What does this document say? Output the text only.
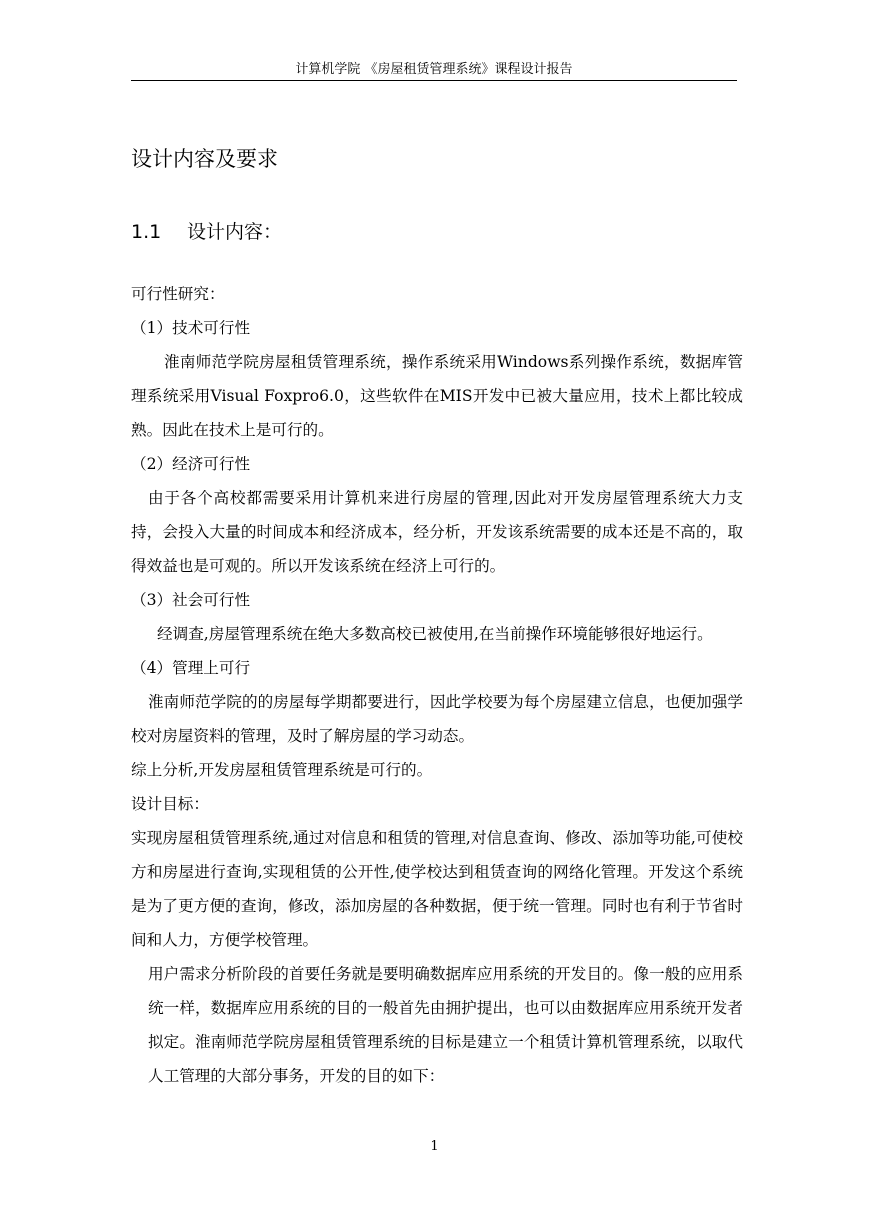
计算机学院 《房屋租赁管理系统》课程设计报告
设计内容及要求
1.1 设计内容：

可行性研究：

（1）技术可行性

淮南师范学院房屋租赁管理系统，操作系统采用Windows系列操作系统，数据库管理系统采用Visual Foxpro6.0，这些软件在MIS开发中已被大量应用，技术上都比较成熟。因此在技术上是可行的。

（2）经济可行性

由于各个高校都需要采用计算机来进行房屋的管理,因此对开发房屋管理系统大力支持，会投入大量的时间成本和经济成本，经分析，开发该系统需要的成本还是不高的，取得效益也是可观的。所以开发该系统在经济上可行的。

（3）社会可行性

经调查,房屋管理系统在绝大多数高校已被使用,在当前操作环境能够很好地运行。

（4）管理上可行

淮南师范学院的的房屋每学期都要进行，因此学校要为每个房屋建立信息，也便加强学校对房屋资料的管理，及时了解房屋的学习动态。

综上分析,开发房屋租赁管理系统是可行的。

设计目标：

实现房屋租赁管理系统,通过对信息和租赁的管理,对信息查询、修改、添加等功能,可使校方和房屋进行查询,实现租赁的公开性,使学校达到租赁查询的网络化管理。开发这个系统是为了更方便的查询，修改，添加房屋的各种数据，便于统一管理。同时也有利于节省时间和人力，方便学校管理。

用户需求分析阶段的首要任务就是要明确数据库应用系统的开发目的。像一般的应用系统一样，数据库应用系统的目的一般首先由拥护提出，也可以由数据库应用系统开发者拟定。淮南师范学院房屋租赁管理系统的目标是建立一个租赁计算机管理系统，以取代人工管理的大部分事务，开发的目的如下：

1
